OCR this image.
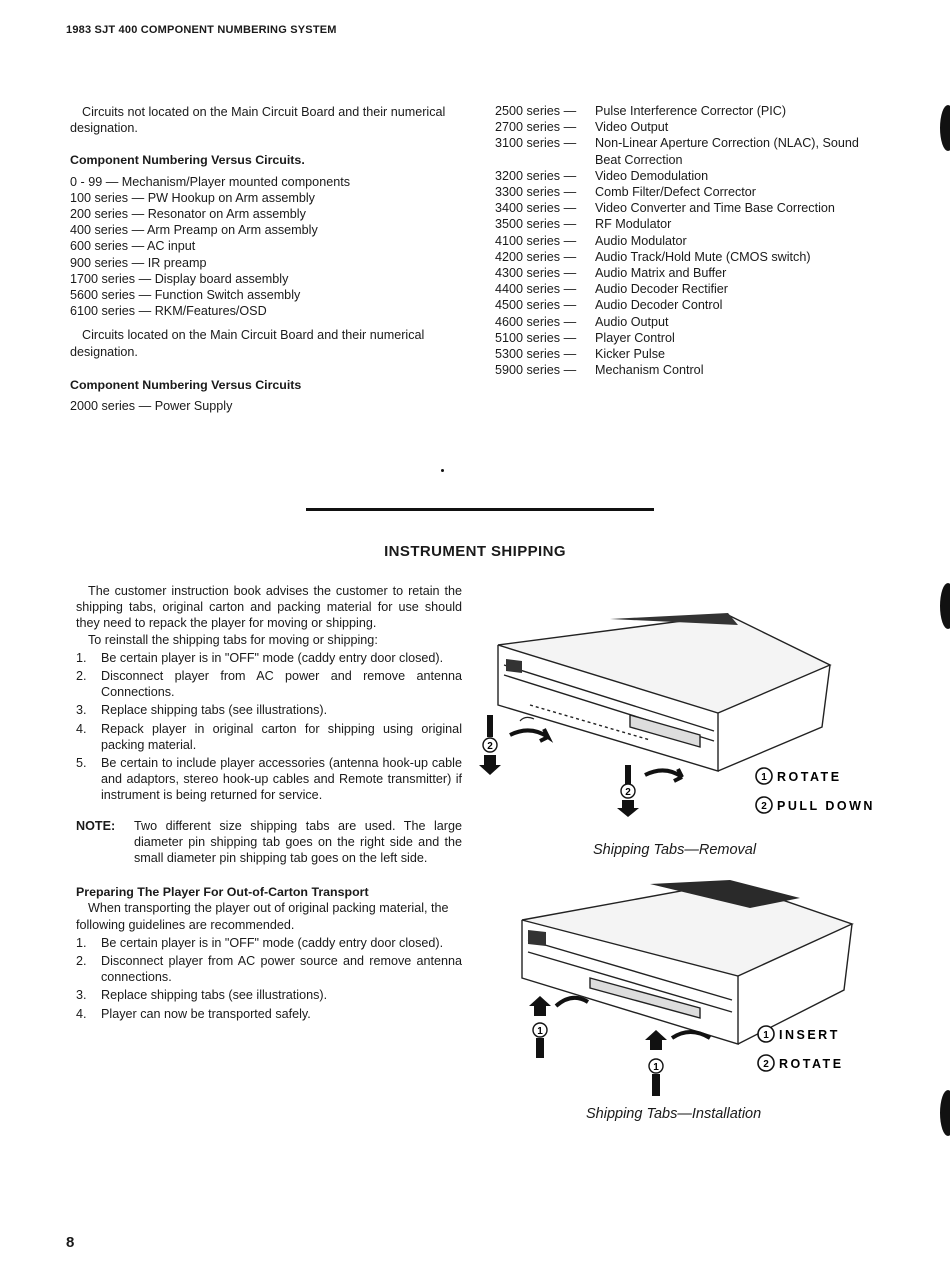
1983 SJT 400 COMPONENT NUMBERING SYSTEM

Circuits not located on the Main Circuit Board and their numerical designation.

Component Numbering Versus Circuits.
0 - 99 — Mechanism/Player mounted components
100 series — PW Hookup on Arm assembly
200 series — Resonator on Arm assembly
400 series — Arm Preamp on Arm assembly
600 series — AC input
900 series — IR preamp
1700 series — Display board assembly
5600 series — Function Switch assembly
6100 series — RKM/Features/OSD

Circuits located on the Main Circuit Board and their numerical designation.

Component Numbering Versus Circuits
2000 series — Power Supply
2500 series —	Pulse Interference Corrector (PIC)
2700 series —	Video Output
3100 series —	Non-Linear Aperture Correction (NLAC), Sound Beat Correction
3200 series —	Video Demodulation
3300 series —	Comb Filter/Defect Corrector
3400 series —	Video Converter and Time Base Correction
3500 series —	RF Modulator
4100 series —	Audio Modulator
4200 series —	Audio Track/Hold Mute (CMOS switch)
4300 series —	Audio Matrix and Buffer
4400 series —	Audio Decoder Rectifier
4500 series —	Audio Decoder Control
4600 series —	Audio Output
5100 series —	Player Control
5300 series —	Kicker Pulse
5900 series —	Mechanism Control
INSTRUMENT SHIPPING

The customer instruction book advises the customer to retain the shipping tabs, original carton and packing material for use should they need to repack the player for moving or shipping.

To reinstall the shipping tabs for moving or shipping:

1.	Be certain player is in "OFF" mode (caddy entry door closed).
2.	Disconnect player from AC power and remove antenna Connections.
3.	Replace shipping tabs (see illustrations).
4.	Repack player in original carton for shipping using original packing material.
5.	Be certain to include player accessories (antenna hook-up cable and adaptors, stereo hook-up cables and Remote transmitter) if instrument is being returned for service.
NOTE:	Two different size shipping tabs are used. The large diameter pin shipping tab goes on the right side and the small diameter pin shipping tab goes on the left side.
Preparing The Player For Out-of-Carton Transport

When transporting the player out of original packing material, the following guidelines are recommended.

1.	Be certain player is in "OFF" mode (caddy entry door closed).
2.	Disconnect player from AC power source and remove antenna connections.
3.	Replace shipping tabs (see illustrations).
4.	Player can now be transported safely.
2
2
1 ROTATE
2 PULL DOWN
Shipping Tabs—Removal
1
1
1 INSERT
2 ROTATE
Shipping Tabs—Installation
8
